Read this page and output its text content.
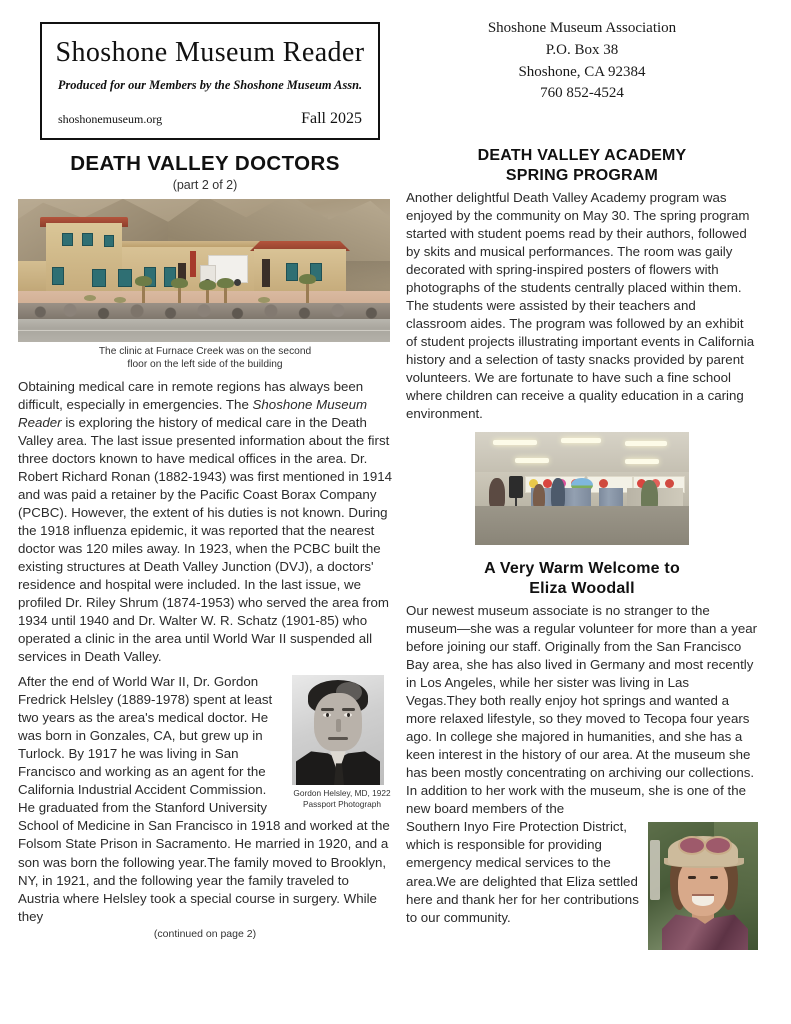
Shoshone Museum Reader
Produced for our Members by the Shoshone Museum Assn.
shoshonemuseum.org	Fall 2025
Shoshone Museum Association
P.O. Box 38
Shoshone, CA 92384
760 852-4524
DEATH VALLEY DOCTORS
(part 2 of 2)
The clinic at Furnace Creek was on the second
floor on the left side of the building

Obtaining medical care in remote regions has always been difficult, especially in emergencies. The Shoshone Museum Reader is exploring the history of medical care in the Death Valley area. The last issue presented information about the first three doctors known to have medical offices in the area. Dr. Robert Richard Ronan (1882-1943) was first mentioned in 1914 and was paid a retainer by the Pacific Coast Borax Company (PCBC). However, the extent of his duties is not known. During the 1918 influenza epidemic, it was reported that the nearest doctor was 120 miles away. In 1923, when the PCBC built the existing structures at Death Valley Junction (DVJ), a doctors' residence and hospital were included. In the last issue, we profiled Dr. Riley Shrum (1874-1953) who served the area from 1934 until 1940 and Dr. Walter W. R. Schatz (1901-85) who operated a clinic in the area until World War II suspended all services in Death Valley.

Gordon Helsley, MD, 1922
Passport Photograph

After the end of World War II, Dr. Gordon Fredrick Helsley (1889-1978) spent at least two years as the area's medical doctor. He was born in Gonzales, CA, but grew up in Turlock. By 1917 he was living in San Francisco and working as an agent for the California Industrial Accident Commission. He graduated from the Stanford University School of Medicine in San Francisco in 1918 and worked at the Folsom State Prison in Sacramento. He married in 1920, and a son was born the following year.The family moved to Brooklyn, NY, in 1921, and the following year the family traveled to Austria where Helsley took a special course in surgery. While they

(continued on page 2)
DEATH VALLEY ACADEMY
SPRING PROGRAM

Another delightful Death Valley Academy program was enjoyed by the community on May 30. The spring program started with student poems read by their authors, followed by skits and musical performances. The room was gaily decorated with spring-inspired posters of flowers with photographs of the students centrally placed within them. The students were assisted by their teachers and classroom aides. The program was followed by an exhibit of student projects illustrating important events in California history and a selection of tasty snacks provided by parent volunteers. We are fortunate to have such a fine school where children can receive a quality education in a caring environment.

A Very Warm Welcome to
Eliza Woodall

Our newest museum associate is no stranger to the museum—she was a regular volunteer for more than a year before joining our staff. Originally from the San Francisco Bay area, she has also lived in Germany and most recently in Los Angeles, while her sister was living in Las Vegas.They both really enjoy hot springs and wanted a more relaxed lifestyle, so they moved to Tecopa four years ago. In college she majored in humanities, and she has a keen interest in the history of our area. At the museum she has been mostly concentrating on archiving our collections. In addition to her work with the museum, she is one of the new board members of the

Southern Inyo Fire Protection District, which is responsible for providing emergency medical services to the area.We are delighted that Eliza settled here and thank her for her contributions to our community.
